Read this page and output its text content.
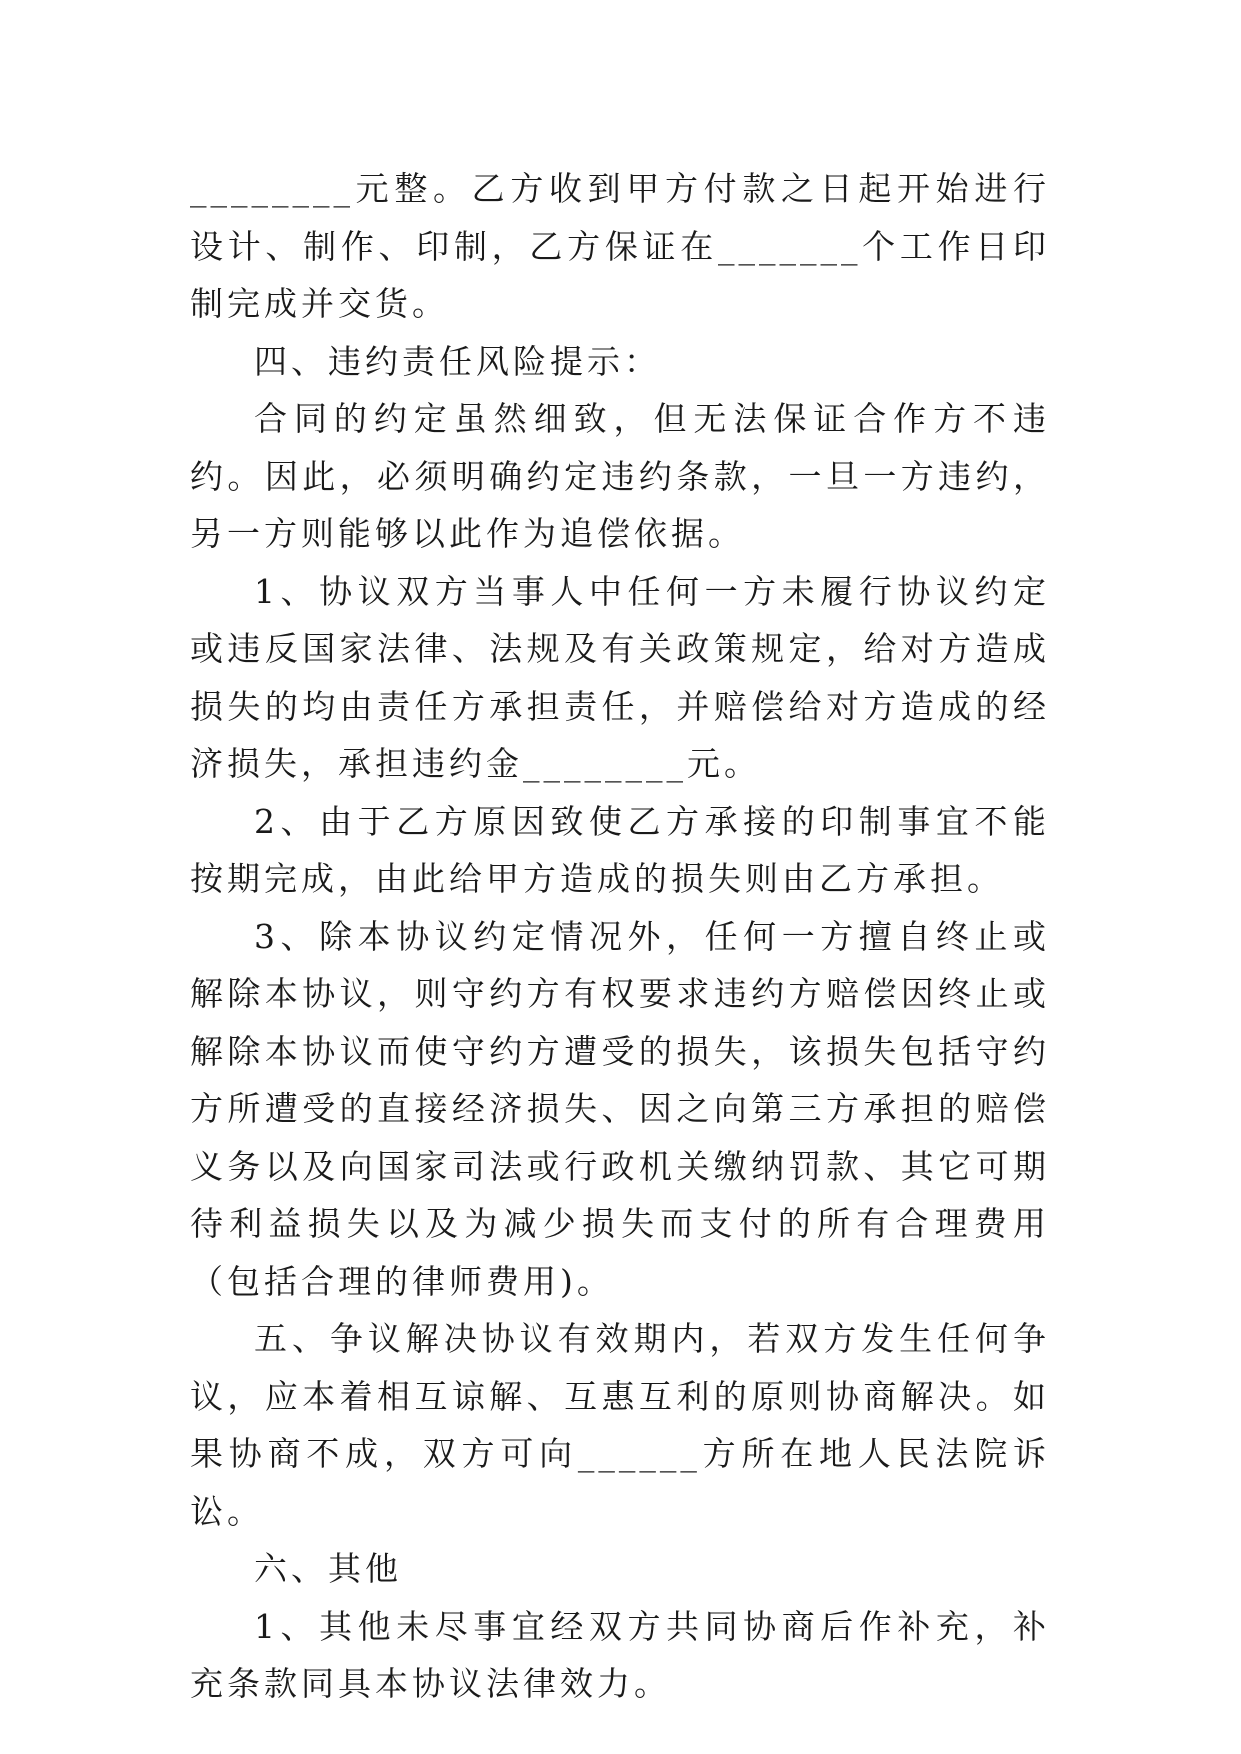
________元整。乙方收到甲方付款之日起开始进行设计、制作、印制，乙方保证在_______个工作日印制完成并交货。

四、违约责任风险提示：

合同的约定虽然细致，但无法保证合作方不违约。因此，必须明确约定违约条款，一旦一方违约，另一方则能够以此作为追偿依据。

1、协议双方当事人中任何一方未履行协议约定或违反国家法律、法规及有关政策规定，给对方造成损失的均由责任方承担责任，并赔偿给对方造成的经济损失，承担违约金________元。

2、由于乙方原因致使乙方承接的印制事宜不能按期完成，由此给甲方造成的损失则由乙方承担。

3、除本协议约定情况外，任何一方擅自终止或解除本协议，则守约方有权要求违约方赔偿因终止或解除本协议而使守约方遭受的损失，该损失包括守约方所遭受的直接经济损失、因之向第三方承担的赔偿义务以及向国家司法或行政机关缴纳罚款、其它可期待利益损失以及为减少损失而支付的所有合理费用（包括合理的律师费用)。

五、争议解决协议有效期内，若双方发生任何争议，应本着相互谅解、互惠互利的原则协商解决。如果协商不成，双方可向______方所在地人民法院诉讼。

六、其他

1、其他未尽事宜经双方共同协商后作补充，补充条款同具本协议法律效力。
